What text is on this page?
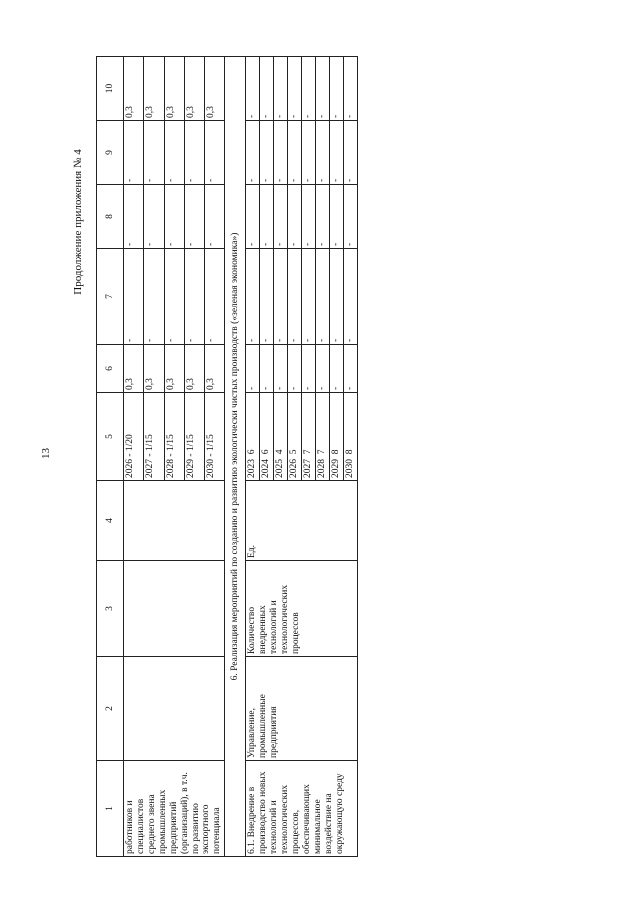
13
1	2	3	4	5	6	7	8	9	10
работников и специалистов среднего звена промышленных предприятий (организаций), в т.ч. по развитию экспортного потенциала				2026 - 1/20	0,3	-	-	-	0,3
				2027 - 1/15	0,3	-	-	-	0,3
				2028 - 1/15	0,3	-	-	-	0,3
				2029 - 1/15	0,3	-	-	-	0,3
				2030 - 1/15	0,3	-	-	-	0,3
6. Реализация мероприятий по созданию и развитию экологически чистых производств («зеленая экономика»)									
6.1. Внедрение в производство новых технологий и технологических процессов, обеспечивающих минимальное воздействие на окружающую среду	Управление, промышленные предприятия	Количество внедренных технологий и технологических процессов	Ед.	2023  6	-	-	-	-	-
				2024  6	-	-	-	-	-
				2025  4	-	-	-	-	-
				2026  5	-	-	-	-	-
				2027  7	-	-	-	-	-
				2028  7	-	-	-	-	-
				2029  8	-	-	-	-	-
				2030  8	-	-	-	-	-
Продолжение приложения № 4
